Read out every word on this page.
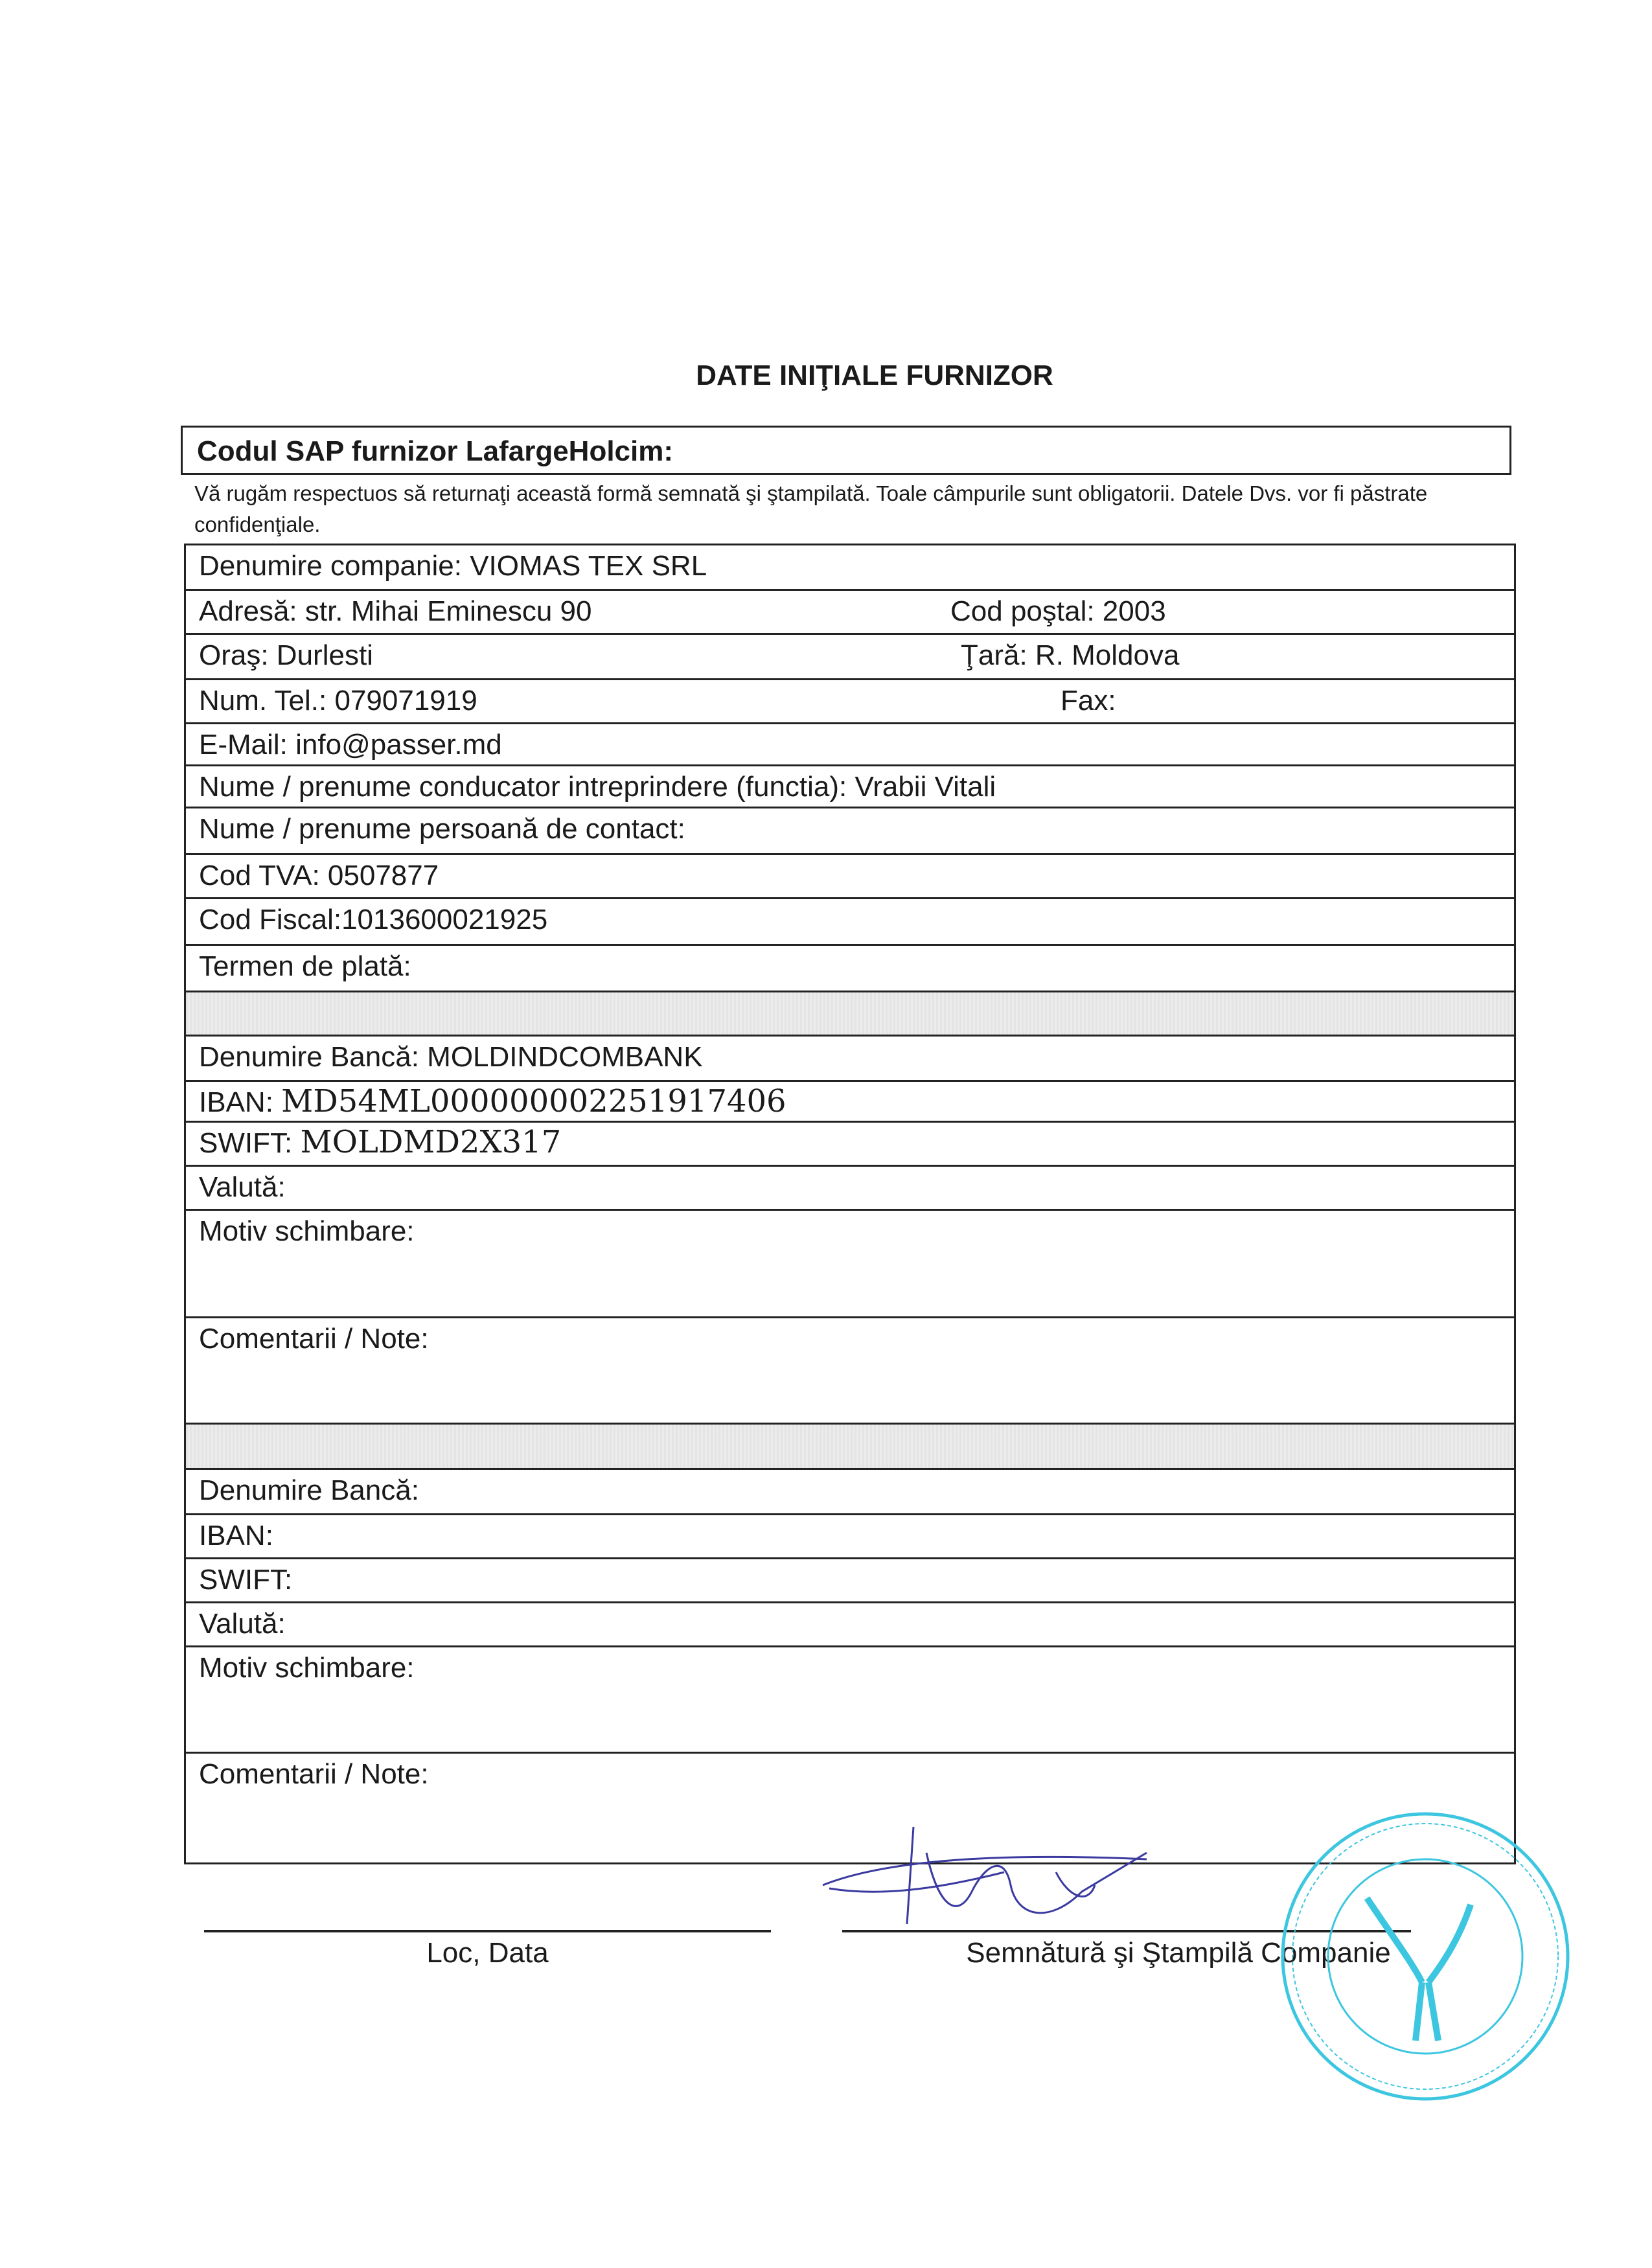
DATE INIŢIALE FURNIZOR
Codul SAP furnizor LafargeHolcim:
Vă rugăm respectuos să returnaţi această formă semnată şi ştampilată. Toale câmpurile sunt obligatorii. Datele Dvs. vor fi păstrate confidenţiale.
Denumire companie: VIOMAS TEX SRL
Adresă: str. Mihai Eminescu 90	Cod poştal: 2003
Oraş: Durlesti	Ţară: R. Moldova
Num. Tel.: 079071919	Fax:
E-Mail: info@passer.md
Nume / prenume conducator intreprindere (functia): Vrabii Vitali
Nume / prenume persoană de contact:
Cod TVA: 0507877
Cod Fiscal:1013600021925
Termen de plată:
Denumire Bancă: MOLDINDCOMBANK
IBAN: MD54ML000000002251917406
SWIFT: MOLDMD2X317
Valută:
Motiv schimbare:
Comentarii / Note:
Denumire Bancă:
IBAN:
SWIFT:
Valută:
Motiv schimbare:
Comentarii / Note:
Loc, Data	Semnătură şi Ştampilă Companie
